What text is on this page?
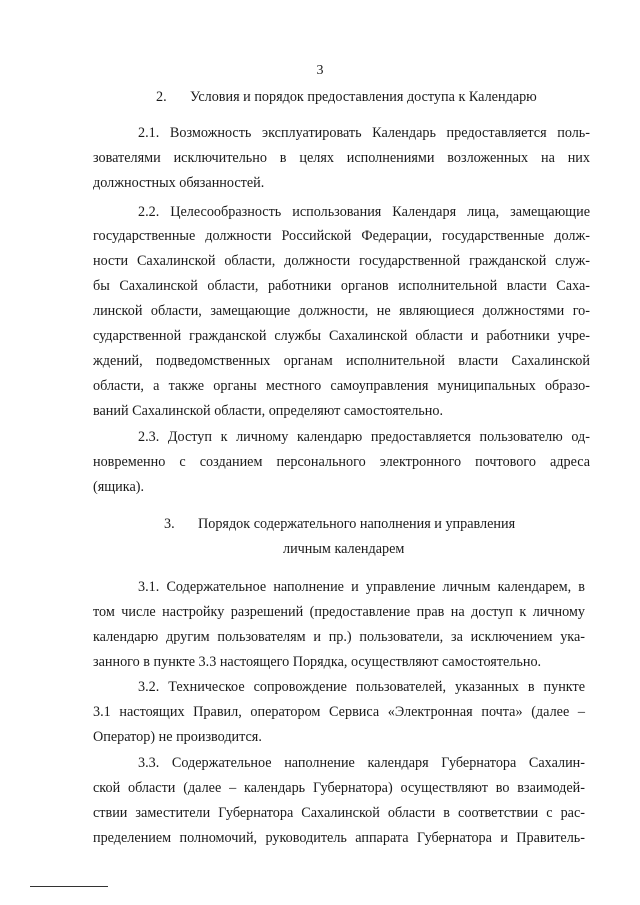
3
2. Условия и порядок предоставления доступа к Календарю
2.1. Возможность эксплуатировать Календарь предоставляется поль-
зователями исключительно в целях исполнениями возложенных на них
должностных обязанностей.
2.2. Целесообразность использования Календаря лица, замещающие
государственные должности Российской Федерации, государственные долж-
ности Сахалинской области, должности государственной гражданской служ-
бы Сахалинской области, работники органов исполнительной власти Саха-
линской области, замещающие должности, не являющиеся должностями го-
сударственной гражданской службы Сахалинской области и работники учре-
ждений, подведомственных органам исполнительной власти Сахалинской
области, а также органы местного самоуправления муниципальных образо-
ваний Сахалинской области, определяют самостоятельно.
2.3. Доступ к личному календарю предоставляется пользователю од-
новременно с созданием персонального электронного почтового адреса
(ящика).
3. Порядок содержательного наполнения и управления
личным календарем
3.1. Содержательное наполнение и управление личным календарем, в
том числе настройку разрешений (предоставление прав на доступ к личному
календарю другим пользователям и пр.) пользователи, за исключением ука-
занного в пункте 3.3 настоящего Порядка, осуществляют самостоятельно.
3.2. Техническое сопровождение пользователей, указанных в пункте
3.1 настоящих Правил, оператором Сервиса «Электронная почта» (далее –
Оператор) не производится.
3.3. Содержательное наполнение календаря Губернатора Сахалин-
ской области (далее – календарь Губернатора) осуществляют во взаимодей-
ствии заместители Губернатора Сахалинской области в соответствии с рас-
пределением полномочий, руководитель аппарата Губернатора и Правитель-
